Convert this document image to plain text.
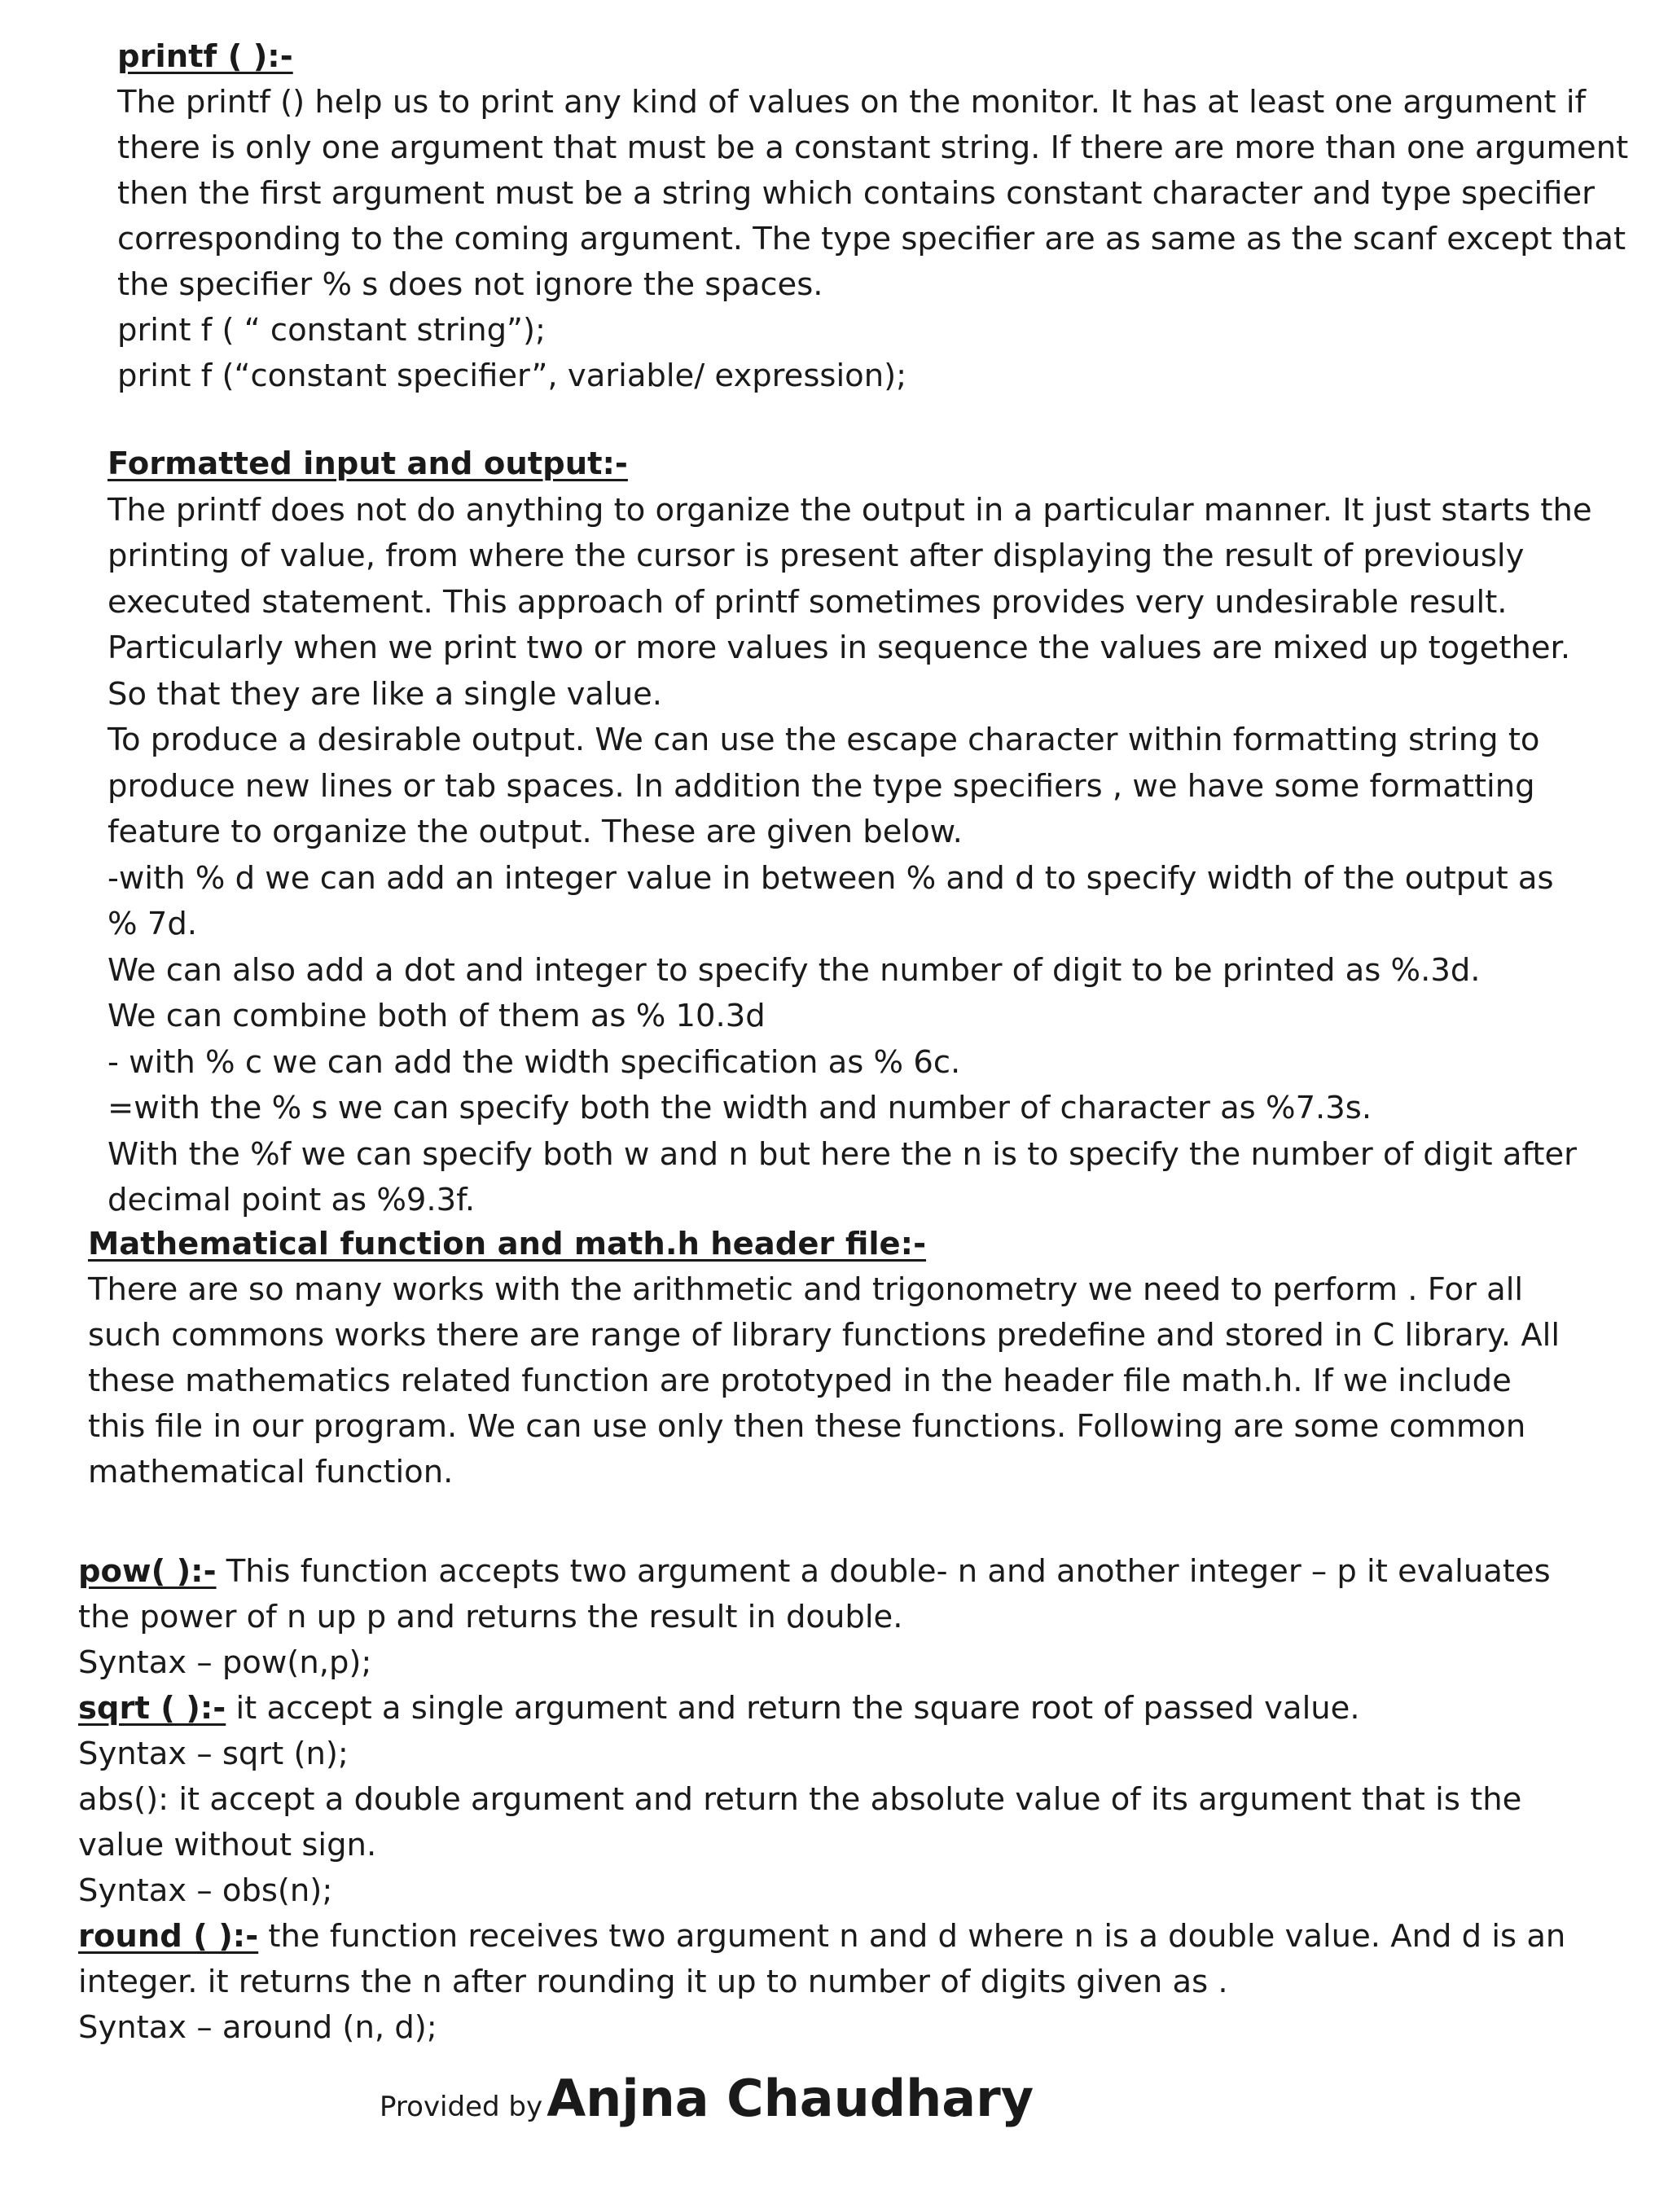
printf ( ):-
The printf () help us to print any kind of values on the monitor. It has at least one argument if
there is only one argument that must be a constant string. If there are more than one argument
then the first argument must be a string which contains constant character and type specifier
corresponding to the coming argument. The type specifier are as same as the scanf except that
the specifier % s does not ignore the spaces.
print f ( “ constant string”);
print f (“constant specifier”, variable/ expression);
Formatted input and output:-
The printf does not do anything to organize the output in a particular manner. It just starts the
printing of value, from where the cursor is present after displaying the result of previously
executed statement. This approach of printf sometimes provides very undesirable result.
Particularly when we print two or more values in sequence the values are mixed up together.
So that they are like a single value.
To produce a desirable output. We can use the escape character within formatting string to
produce new lines or tab spaces. In addition the type specifiers , we have some formatting
feature to organize the output. These are given below.
-with % d we can add an integer value in between % and d to specify width of the output as
% 7d.
We can also add a dot and integer to specify the number of digit to be printed as %.3d.
We can combine both of them as % 10.3d
- with % c we can add the width specification as % 6c.
=with the % s we can specify both the width and number of character as %7.3s.
With the %f we can specify both w and n but here the n is to specify the number of digit after
decimal point as %9.3f.
Mathematical function and math.h header file:-
There are so many works with the arithmetic and trigonometry we need to perform . For all
such commons works there are range of library functions predefine and stored in C library. All
these mathematics related function are prototyped in the header file math.h. If we include
this file in our program. We can use only then these functions. Following are some common
mathematical function.
pow( ):- This function accepts two argument a double- n and another integer – p it evaluates
the power of n up p and returns the result in double.
Syntax – pow(n,p);
sqrt ( ):- it accept a single argument and return the square root of passed value.
Syntax – sqrt (n);
abs(): it accept a double argument and return the absolute value of its argument that is the
value without sign.
Syntax – obs(n);
round ( ):- the function receives two argument n and d where n is a double value. And d is an
integer. it returns the n after rounding it up to number of digits given as .
Syntax – around (n, d);
Provided by Anjna Chaudhary
